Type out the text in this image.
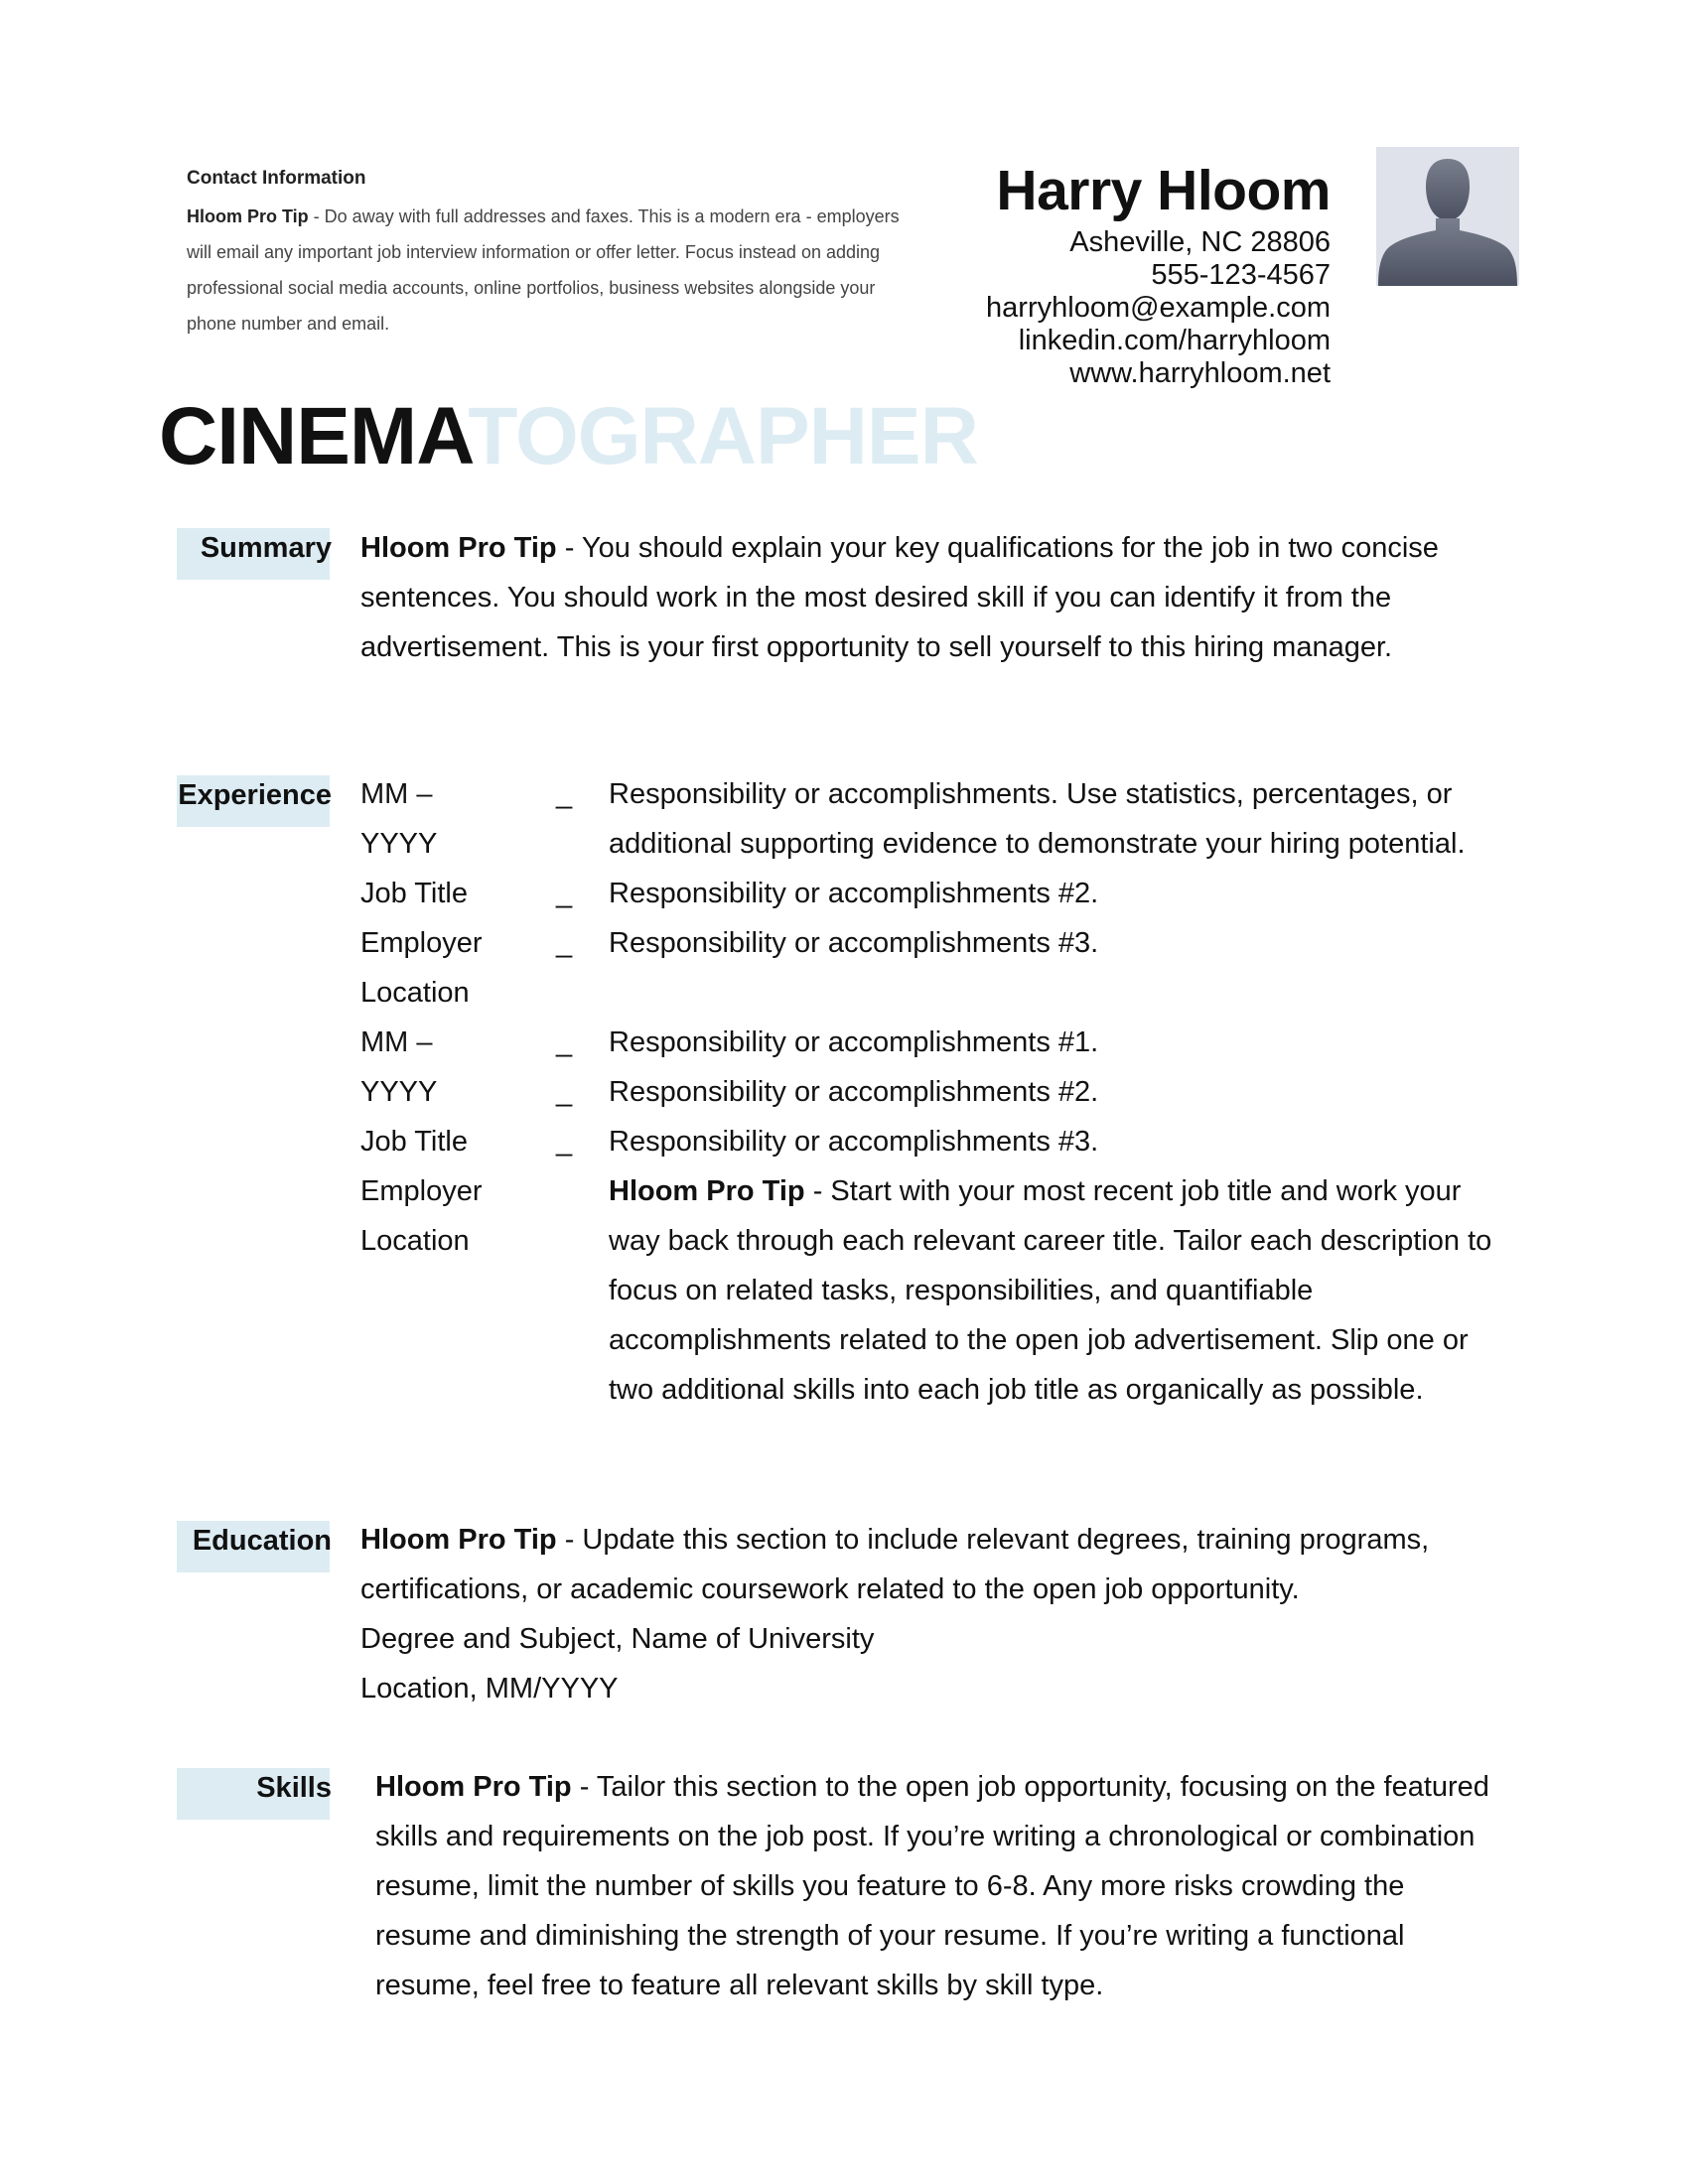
Contact Information
Hloom Pro Tip - Do away with full addresses and faxes. This is a modern era - employers will email any important job interview information or offer letter. Focus instead on adding professional social media accounts, online portfolios, business websites alongside your phone number and email.
Harry Hloom
Asheville, NC 28806
555-123-4567
harryhloom@example.com
linkedin.com/harryhloom
www.harryhloom.net
CINEMATOGRAPHER
Summary Hloom Pro Tip - You should explain your key qualifications for the job in two concise sentences. You should work in the most desired skill if you can identify it from the advertisement. This is your first opportunity to sell yourself to this hiring manager.
Experience MM –
YYYY
Job Title
Employer
Location
_

_
_
Responsibility or accomplishments. Use statistics, percentages, or additional supporting evidence to demonstrate your hiring potential.
Responsibility or accomplishments #2.
Responsibility or accomplishments #3.
MM –
YYYY
Job Title
Employer
Location
_
_
_
Responsibility or accomplishments #1.
Responsibility or accomplishments #2.
Responsibility or accomplishments #3.
Hloom Pro Tip - Start with your most recent job title and work your way back through each relevant career title. Tailor each description to focus on related tasks, responsibilities, and quantifiable accomplishments related to the open job advertisement. Slip one or two additional skills into each job title as organically as possible.
Education Hloom Pro Tip - Update this section to include relevant degrees, training programs, certifications, or academic coursework related to the open job opportunity.
Degree and Subject, Name of University
Location, MM/YYYY
Skills Hloom Pro Tip - Tailor this section to the open job opportunity, focusing on the featured skills and requirements on the job post. If you’re writing a chronological or combination resume, limit the number of skills you feature to 6-8. Any more risks crowding the resume and diminishing the strength of your resume. If you’re writing a functional resume, feel free to feature all relevant skills by skill type.
